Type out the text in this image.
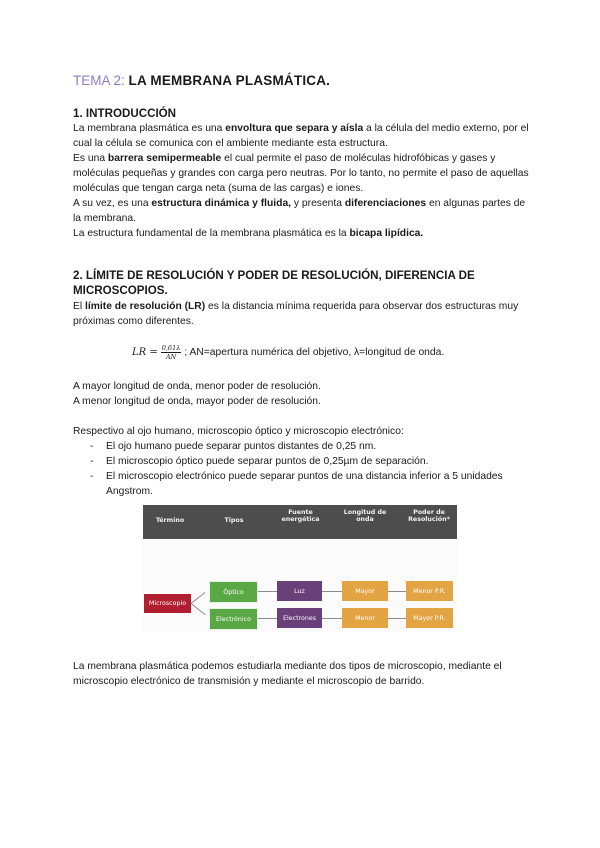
TEMA 2: LA MEMBRANA PLASMÁTICA.
1. INTRODUCCIÓN
La membrana plasmática es una envoltura que separa y aísla a la célula del medio externo, por el cual la célula se comunica con el ambiente mediante esta estructura.
Es una barrera semipermeable el cual permite el paso de moléculas hidrofóbicas y gases y moléculas pequeñas y grandes con carga pero neutras. Por lo tanto, no permite el paso de aquellas moléculas que tengan carga neta (suma de las cargas) e iones.
A su vez, es una estructura dinámica y fluida, y presenta diferenciaciones en algunas partes de la membrana.
La estructura fundamental de la membrana plasmática es la bicapa lipídica.
2. LÍMITE DE RESOLUCIÓN Y PODER DE RESOLUCIÓN, DIFERENCIA DE MICROSCOPIOS.
El límite de resolución (LR) es la distancia mínima requerida para observar dos estructuras muy próximas como diferentes.
LR = $\frac{0,61\lambda}{AN}$ ; AN=apertura numérica del objetivo, λ=longitud de onda.
A mayor longitud de onda, menor poder de resolución.
A menor longitud de onda, mayor poder de resolución.
Respectivo al ojo humano, microscopio óptico y microscopio electrónico:
- El ojo humano puede separar puntos distantes de 0,25 nm.
- El microscopio óptico puede separar puntos de 0,25µm de separación.
- El microscopio electrónico puede separar puntos de una distancia inferior a 5 unidades Angstrom.
Término	Tipos
Fuente energética
Longitud de onda
Poder de Resolución*
Microscopio
Óptico
Electrónico
Luz
Electrones
Mayor
Menor
Menor P.R.
Mayor P.R.
La membrana plasmática podemos estudiarla mediante dos tipos de microscopio, mediante el microscopio electrónico de transmisión y mediante el microscopio de barrido.
